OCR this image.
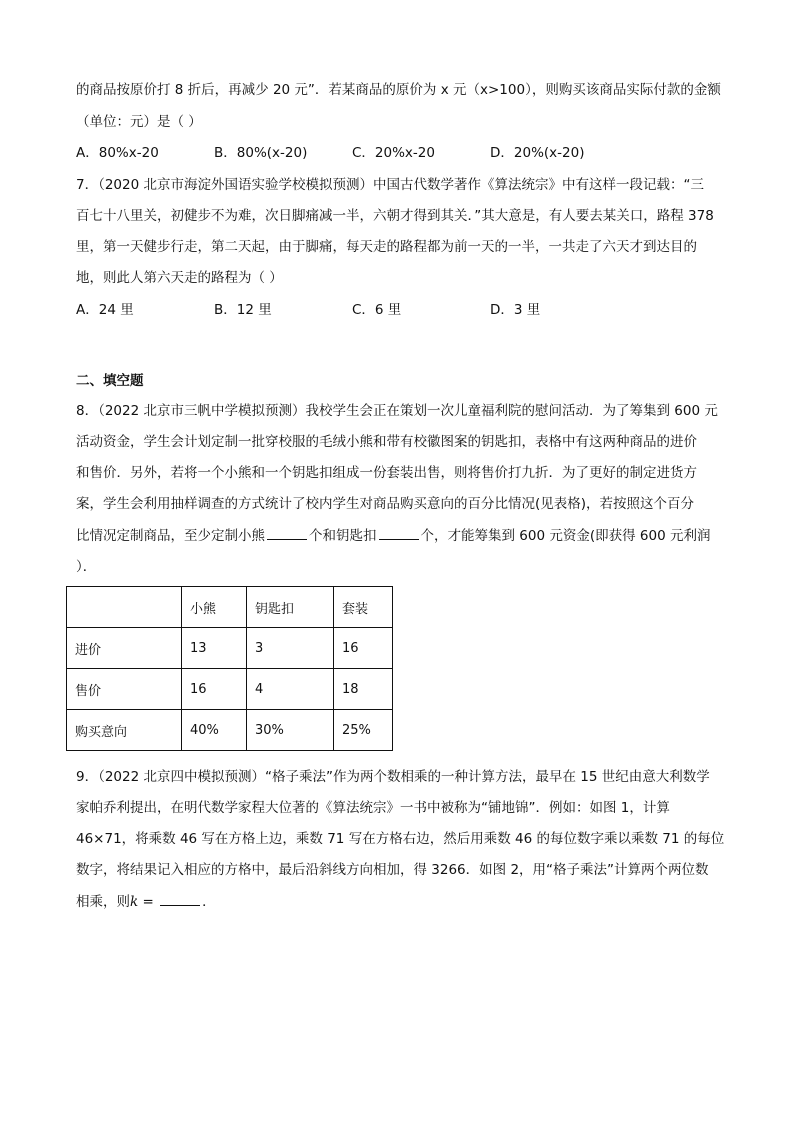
的商品按原价打 8 折后，再减少 20 元”．若某商品的原价为 x 元（x>100），则购买该商品实际付款的金额
（单位：元）是（ ）
A．80%x-20	B．80%(x-20)	C．20%x-20	D．20%(x-20)
7．（2020 北京市海淀外国语实验学校模拟预测）中国古代数学著作《算法统宗》中有这样一段记载：“三
百七十八里关，初健步不为难，次日脚痛减一半，六朝才得到其关．”其大意是，有人要去某关口，路程 378
里，第一天健步行走，第二天起，由于脚痛，每天走的路程都为前一天的一半，一共走了六天才到达目的
地，则此人第六天走的路程为（ ）
A．24 里	B．12 里	C．6 里	D．3 里
二、填空题
8．（2022 北京市三帆中学模拟预测）我校学生会正在策划一次儿童福利院的慰问活动．为了筹集到 600 元
活动资金，学生会计划定制一批穿校服的毛绒小熊和带有校徽图案的钥匙扣，表格中有这两种商品的进价
和售价．另外，若将一个小熊和一个钥匙扣组成一份套装出售，则将售价打九折．为了更好的制定进货方
案，学生会利用抽样调查的方式统计了校内学生对商品购买意向的百分比情况(见表格)，若按照这个百分
比情况定制商品，至少定制小熊	个和钥匙扣	个，才能筹集到 600 元资金(即获得 600 元利润
）．
	小熊	钥匙扣	套装
进价	13	3	16
售价	16	4	18
购买意向	40%	30%	25%
9．（2022 北京四中模拟预测）“格子乘法”作为两个数相乘的一种计算方法，最早在 15 世纪由意大利数学
家帕乔利提出，在明代数学家程大位著的《算法统宗》一书中被称为“铺地锦”．例如：如图 1，计算
46×71，将乘数 46 写在方格上边，乘数 71 写在方格右边，然后用乘数 46 的每位数字乘以乘数 71 的每位
数字，将结果记入相应的方格中，最后沿斜线方向相加，得 3266．如图 2，用“格子乘法”计算两个两位数
相乘，则k =	．
